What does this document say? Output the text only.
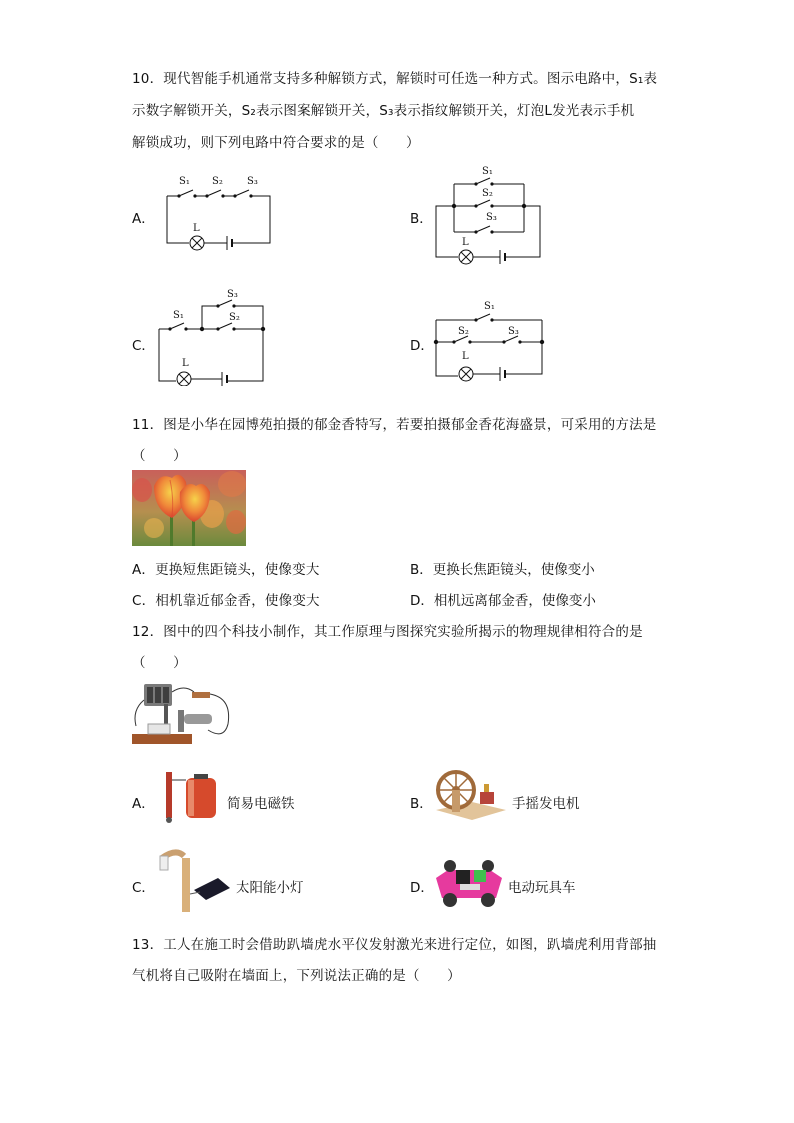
10．现代智能手机通常支持多种解锁方式，解锁时可任选一种方式。图示电路中，S₁表
示数字解锁开关，S₂表示图案解锁开关，S₃表示指纹解锁开关，灯泡L发光表示手机
解锁成功，则下列电路中符合要求的是（　　）
A．
S₁ S₂ S₃
L
B．
S₁
S₂
S₃
L
C．
S₁
S₃
S₂
L
D．
S₁
S₂	S₃
L
11．图是小华在园博苑拍摄的郁金香特写，若要拍摄郁金香花海盛景，可采用的方法是
（　　）
A．更换短焦距镜头，使像变大	B．更换长焦距镜头，使像变小
C．相机靠近郁金香，使像变大	D．相机远离郁金香，使像变小
12．图中的四个科技小制作，其工作原理与图探究实验所揭示的物理规律相符合的是
（　　）
A．	简易电磁铁	B．	手摇发电机
C．	太阳能小灯	D．	电动玩具车
13．工人在施工时会借助趴墙虎水平仪发射激光来进行定位，如图，趴墙虎利用背部抽
气机将自己吸附在墙面上，下列说法正确的是（　　）
